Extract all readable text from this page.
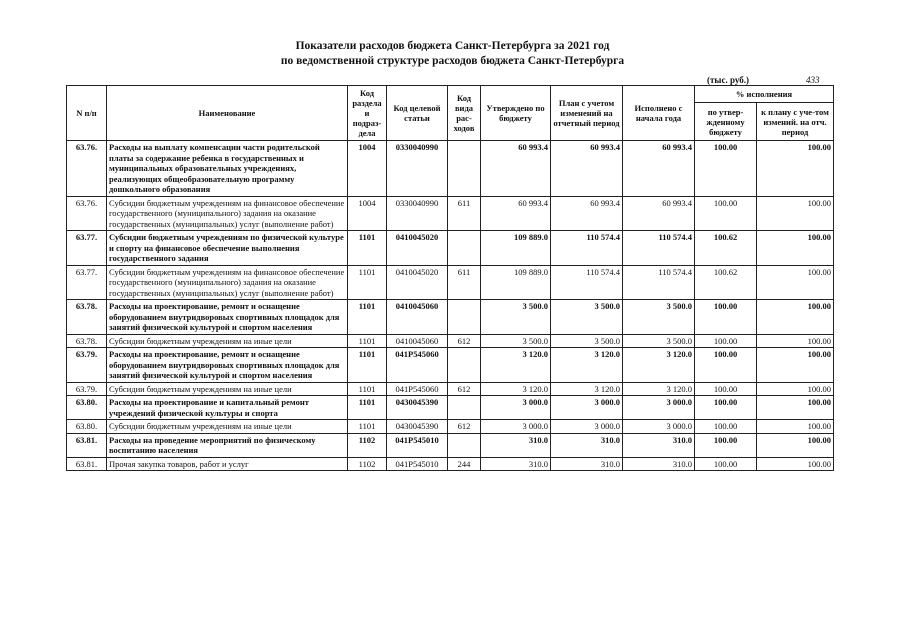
Показатели расходов бюджета Санкт-Петербурга за 2021 год
по ведомственной структуре расходов бюджета Санкт-Петербурга
(тыс. руб.)	433
N п/п	Наименование	Код раздела и подраз-дела	Код целевой статьи	Код вида рас-ходов	Утверждено по бюджету	План с учетом изменений на отчетный период	Исполнено с начала года	% исполнения	
								по утвер-жденному бюджету	к плану с уче-том измений. на отч. период
63.76.	Расходы на выплату компенсации части родительской платы за содержание ребенка в государственных и муниципальных образовательных учреждениях, реализующих общеобразовательную программу дошкольного образования	1004	0330040990		60 993.4	60 993.4	60 993.4	100.00	100.00
63.76.	Субсидии бюджетным учреждениям на финансовое обеспечение государственного (муниципального) задания на оказание государственных (муниципальных) услуг (выполнение работ)	1004	0330040990	611	60 993.4	60 993.4	60 993.4	100.00	100.00
63.77.	Субсидии бюджетным учреждениям по физической культуре и спорту на финансовое обеспечение выполнения государственного задания	1101	0410045020		109 889.0	110 574.4	110 574.4	100.62	100.00
63.77.	Субсидии бюджетным учреждениям на финансовое обеспечение государственного (муниципального) задания на оказание государственных (муниципальных) услуг (выполнение работ)	1101	0410045020	611	109 889.0	110 574.4	110 574.4	100.62	100.00
63.78.	Расходы на проектирование, ремонт и оснащение оборудованием внутридворовых спортивных площадок для занятий физической культурой и спортом населения	1101	0410045060		3 500.0	3 500.0	3 500.0	100.00	100.00
63.78.	Субсидии бюджетным учреждениям на иные цели	1101	0410045060	612	3 500.0	3 500.0	3 500.0	100.00	100.00
63.79.	Расходы на проектирование, ремонт и оснащение оборудованием внутридворовых спортивных площадок для занятий физической культурой и спортом населения	1101	041P545060		3 120.0	3 120.0	3 120.0	100.00	100.00
63.79.	Субсидии бюджетным учреждениям на иные цели	1101	041P545060	612	3 120.0	3 120.0	3 120.0	100.00	100.00
63.80.	Расходы на проектирование и капитальный ремонт учреждений физической культуры и спорта	1101	0430045390		3 000.0	3 000.0	3 000.0	100.00	100.00
63.80.	Субсидии бюджетным учреждениям на иные цели	1101	0430045390	612	3 000.0	3 000.0	3 000.0	100.00	100.00
63.81.	Расходы на проведение мероприятий по физическому воспитанию населения	1102	041P545010		310.0	310.0	310.0	100.00	100.00
63.81.	Прочая закупка товаров, работ и услуг	1102	041P545010	244	310.0	310.0	310.0	100.00	100.00
